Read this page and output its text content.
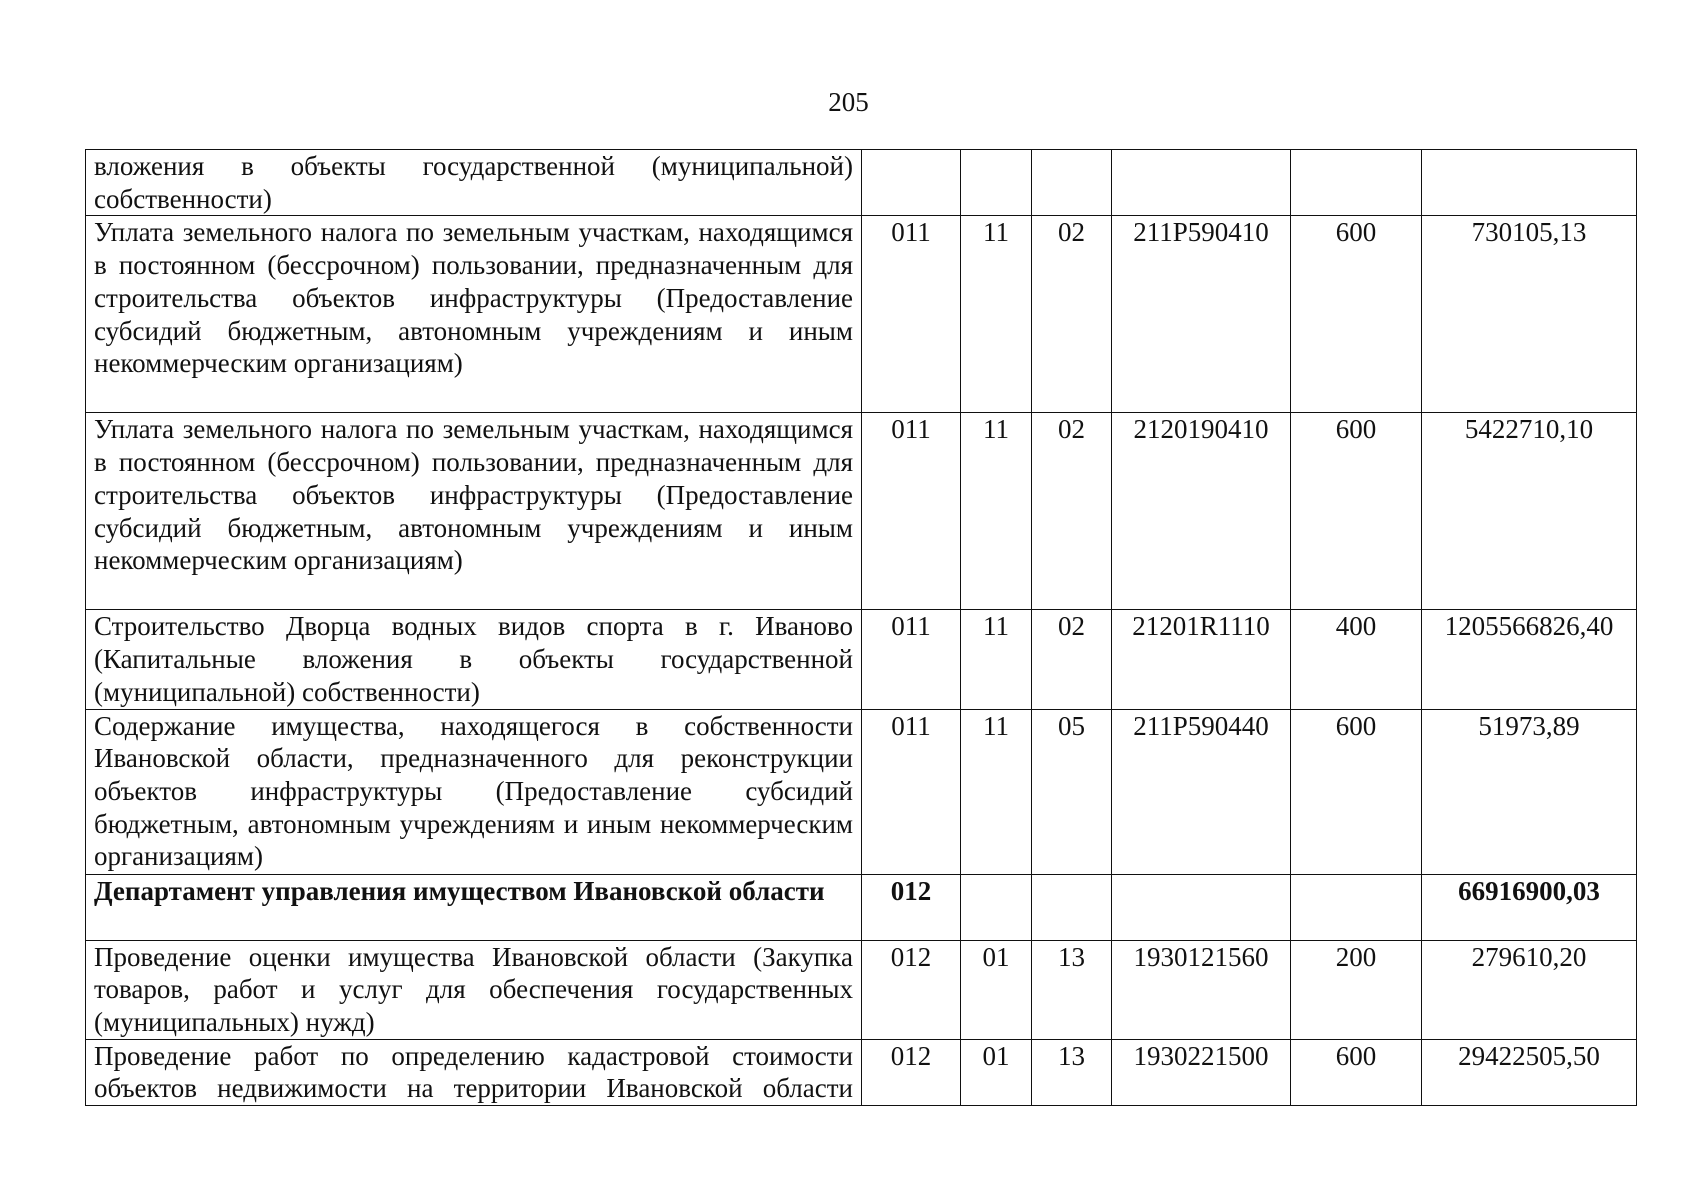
205
вложения в объекты государственной (муниципальной) собственности)						
Уплата земельного налога по земельным участкам, находящимся в постоянном (бессрочном) пользовании, предназначенным для строительства объектов инфраструктуры (Предоставление субсидий бюджетным, автономным учреждениям и иным некоммерческим организациям)	011	11	02	211P590410	600	730105,13
Уплата земельного налога по земельным участкам, находящимся в постоянном (бессрочном) пользовании, предназначенным для строительства объектов инфраструктуры (Предоставление субсидий бюджетным, автономным учреждениям и иным некоммерческим организациям)	011	11	02	2120190410	600	5422710,10
Строительство Дворца водных видов спорта в г. Иваново (Капитальные вложения в объекты государственной (муниципальной) собственности)	011	11	02	21201R1110	400	1205566826,40
Содержание имущества, находящегося в собственности Ивановской области, предназначенного для реконструкции объектов инфраструктуры (Предоставление субсидий бюджетным, автономным учреждениям и иным некоммерческим организациям)	011	11	05	211P590440	600	51973,89
Департамент управления имуществом Ивановской области	012					66916900,03
Проведение оценки имущества Ивановской области (Закупка товаров, работ и услуг для обеспечения государственных (муниципальных) нужд)	012	01	13	1930121560	200	279610,20
Проведение работ по определению кадастровой стоимости объектов недвижимости на территории Ивановской области	012	01	13	1930221500	600	29422505,50
